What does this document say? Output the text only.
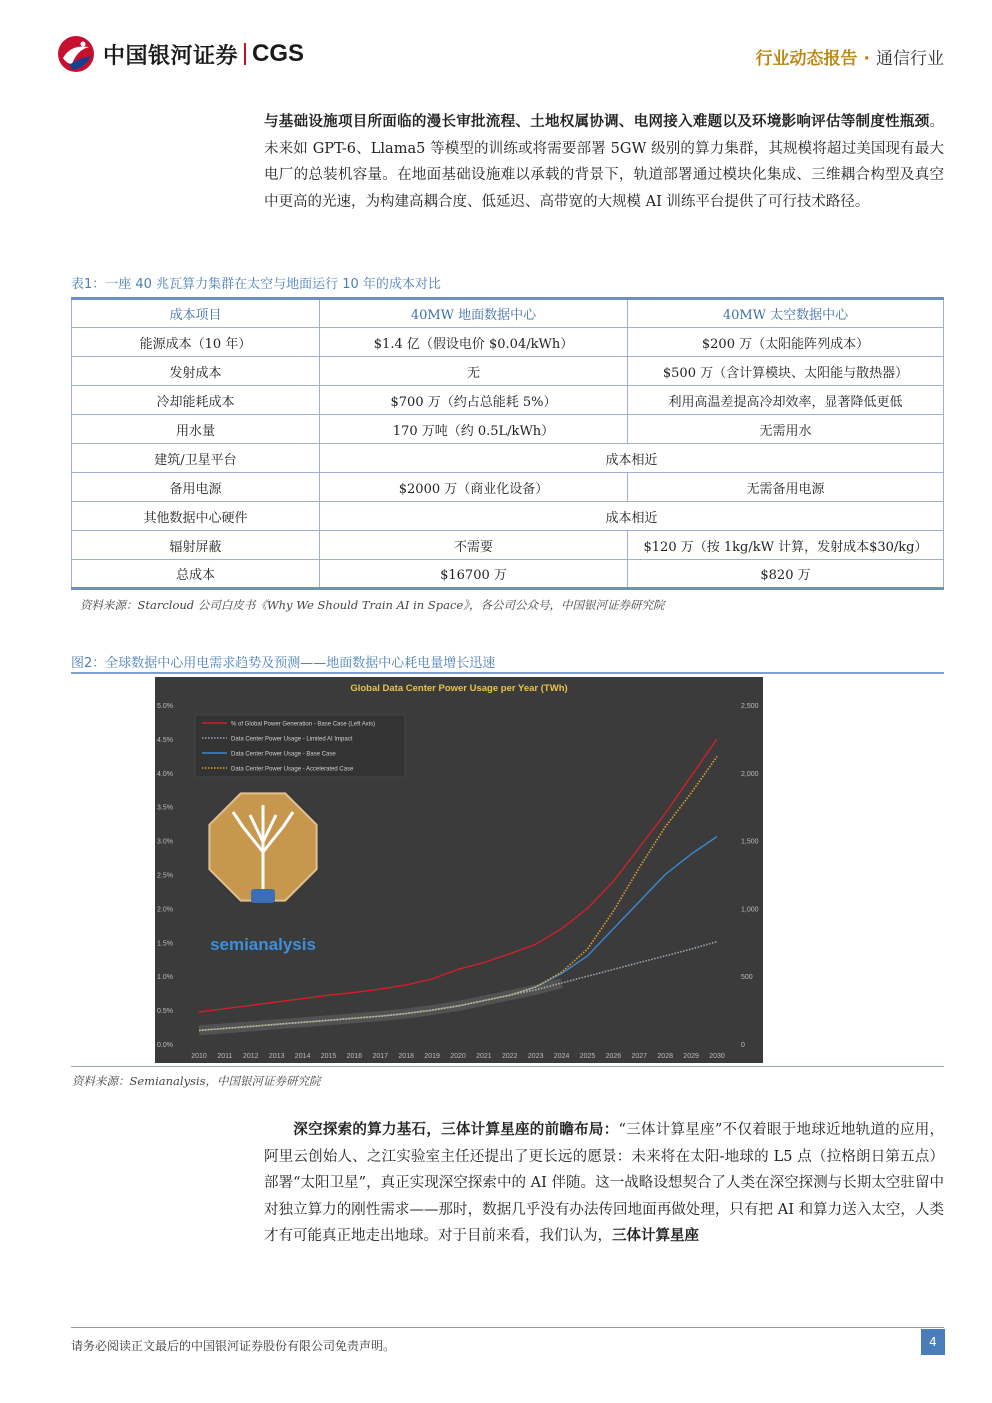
中国银河证券 CGS	行业动态报告 · 通信行业
与基础设施项目所面临的漫长审批流程、土地权属协调、电网接入难题以及环境影响评估等制度性瓶颈。未来如 GPT-6、Llama5 等模型的训练或将需要部署 5GW 级别的算力集群，其规模将超过美国现有最大电厂的总装机容量。在地面基础设施难以承载的背景下，轨道部署通过模块化集成、三维耦合构型及真空中更高的光速，为构建高耦合度、低延迟、高带宽的大规模 AI 训练平台提供了可行技术路径。
表1：一座 40 兆瓦算力集群在太空与地面运行 10 年的成本对比
成本项目	40MW 地面数据中心	40MW 太空数据中心
能源成本（10 年）	$1.4 亿（假设电价 $0.04/kWh）	$200 万（太阳能阵列成本）
发射成本	无	$500 万（含计算模块、太阳能与散热器）
冷却能耗成本	$700 万（约占总能耗 5%）	利用高温差提高冷却效率，显著降低更低
用水量	170 万吨（约 0.5L/kWh）	无需用水
建筑/卫星平台	成本相近	
备用电源	$2000 万（商业化设备）	无需备用电源
其他数据中心硬件	成本相近	
辐射屏蔽	不需要	$120 万（按 1kg/kW 计算，发射成本$30/kg）
总成本	$16700 万	$820 万
资料来源：Starcloud 公司白皮书《Why We Should Train AI in Space》，各公司公众号，中国银河证券研究院
图2：全球数据中心用电需求趋势及预测——地面数据中心耗电量增长迅速
Global Data Center Power Usage per Year (TWh)
0.0%
0.5%
1.0%
1.5%
2.0%
2.5%
3.0%
3.5%
4.0%
4.5%
5.0%
0
500
1,000
1,500
2,000
2,500
2010 2011 2012 2013 2014 2015 2016 2017 2018 2019 2020 2021 2022 2023 2024 2025 2026 2027 2028 2029 2030
semianalysis
% of Global Power Generation - Base Case (Left Axis)
Data Center Power Usage - Limited AI Impact
Data Center Power Usage - Base Case
Data Center Power Usage - Accelerated Case
资料来源：Semianalysis，中国银河证券研究院
深空探索的算力基石，三体计算星座的前瞻布局：“三体计算星座”不仅着眼于地球近地轨道的应用，阿里云创始人、之江实验室主任还提出了更长远的愿景：未来将在太阳-地球的 L5 点（拉格朗日第五点）部署“太阳卫星”，真正实现深空探索中的 AI 伴随。这一战略设想契合了人类在深空探测与长期太空驻留中对独立算力的刚性需求——那时，数据几乎没有办法传回地面再做处理，只有把 AI 和算力送入太空，人类才有可能真正地走出地球。对于目前来看，我们认为，三体计算星座
请务必阅读正文最后的中国银河证券股份有限公司免责声明。	4
